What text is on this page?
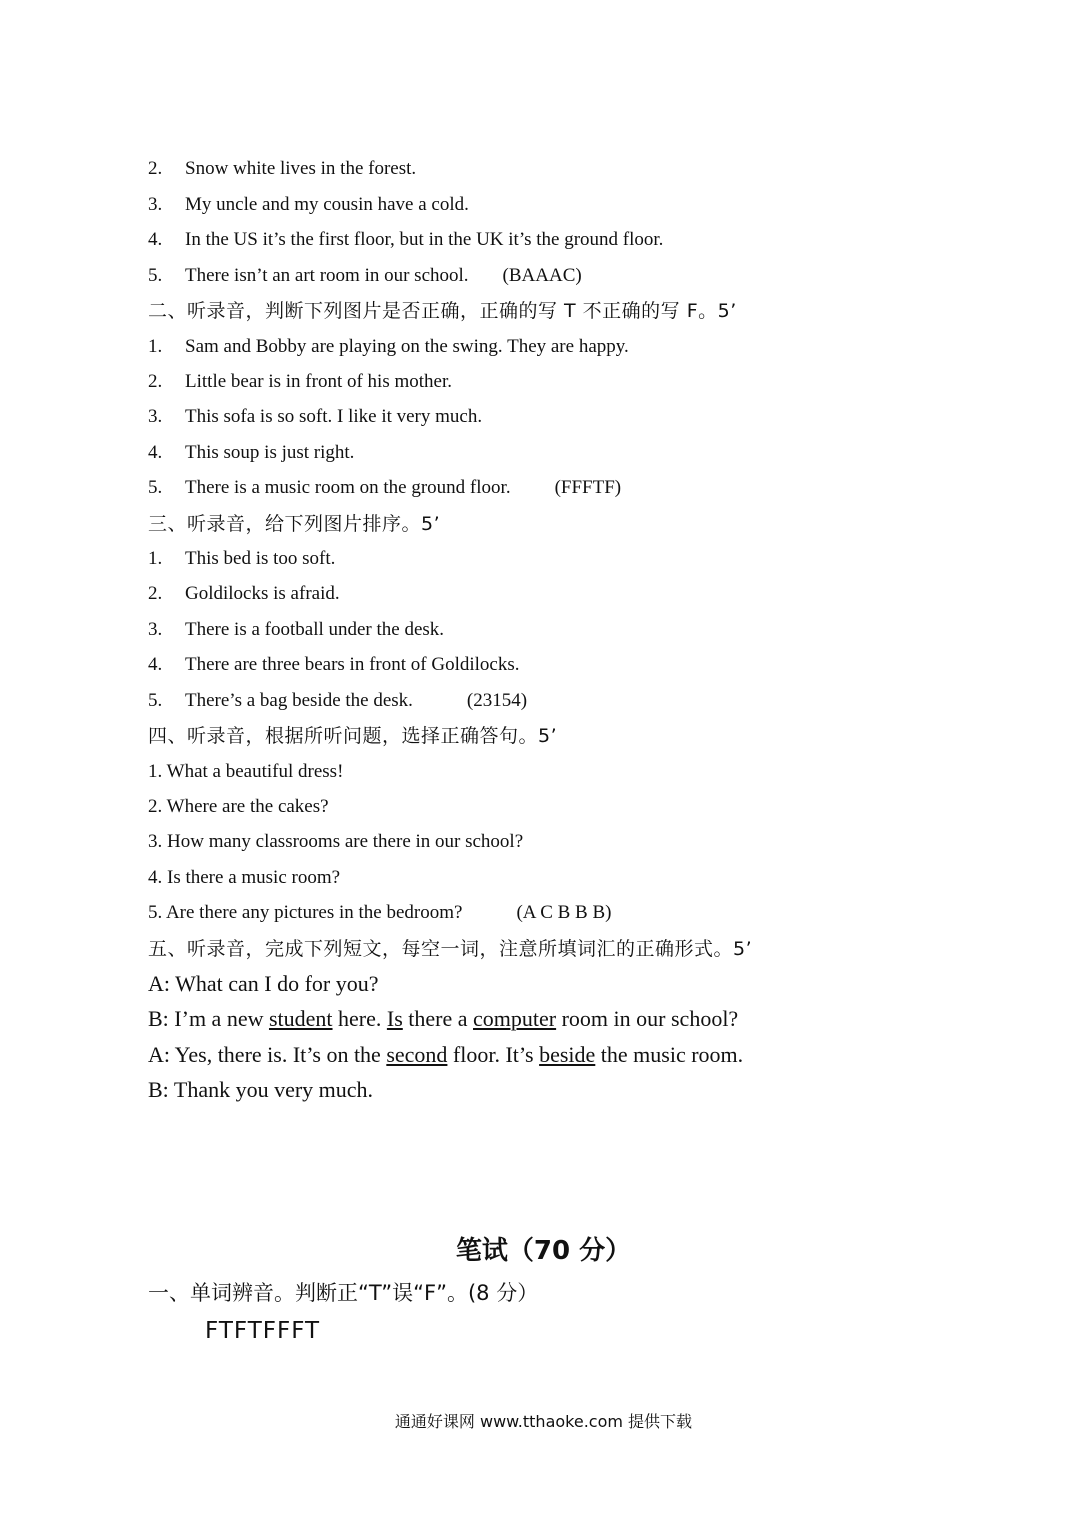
2. Snow white lives in the forest.
3. My uncle and my cousin have a cold.
4. In the US it’s the first floor, but in the UK it’s the ground floor.
5. There isn’t an art room in our school. (BAAAC)
二、听录音，判断下列图片是否正确，正确的写 T 不正确的写 F。5’
1. Sam and Bobby are playing on the swing. They are happy.
2. Little bear is in front of his mother.
3. This sofa is so soft. I like it very much.
4. This soup is just right.
5. There is a music room on the ground floor. (FFFTF)
三、听录音，给下列图片排序。5’
1. This bed is too soft.
2. Goldilocks is afraid.
3. There is a football under the desk.
4. There are three bears in front of Goldilocks.
5. There’s a bag beside the desk.	(23154)
四、听录音，根据所听问题，选择正确答句。5’
1. What a beautiful dress!
2. Where are the cakes?
3. How many classrooms are there in our school?
4. Is there a music room?
5. Are there any pictures in the bedroom?	(A C B B B)
五、听录音，完成下列短文，每空一词，注意所填词汇的正确形式。5’
A: What can I do for you?
B: I’m a new student here. Is there a computer room in our school?
A: Yes, there is. It’s on the second floor. It’s beside the music room.
B: Thank you very much.
笔试（70 分）
一、单词辨音。判断正“T”误“F”。(8 分）
FTFTFFFT
通通好课网 www.tthaoke.com 提供下载
